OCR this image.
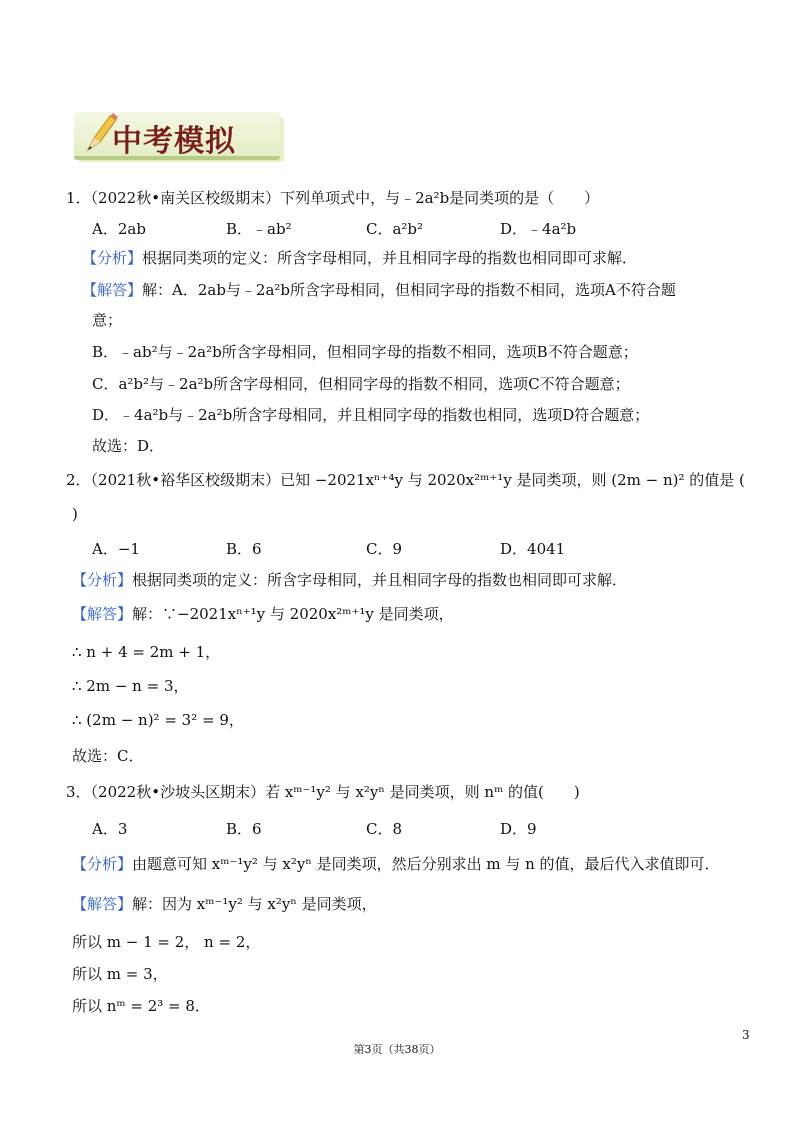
中考模拟
1．（2022秋•南关区校级期末）下列单项式中，与﹣2a²b是同类项的是（　　）
A．2ab	B．﹣ab²	C．a²b²	D．﹣4a²b
【分析】根据同类项的定义：所含字母相同，并且相同字母的指数也相同即可求解．
【解答】解：A．2ab与﹣2a²b所含字母相同，但相同字母的指数不相同，选项A不符合题
意；
B．﹣ab²与﹣2a²b所含字母相同，但相同字母的指数不相同，选项B不符合题意；
C．a²b²与﹣2a²b所含字母相同，但相同字母的指数不相同，选项C不符合题意；
D．﹣4a²b与﹣2a²b所含字母相同，并且相同字母的指数也相同，选项D符合题意；
故选：D．
2．（2021秋•裕华区校级期末）已知 −2021xⁿ⁺⁴y 与 2020x²ᵐ⁺¹y 是同类项，则 (2m − n)² 的值是 (
)
A．−1	B．6	C．9	D．4041
【分析】根据同类项的定义：所含字母相同，并且相同字母的指数也相同即可求解．
【解答】解：∵−2021xⁿ⁺¹y 与 2020x²ᵐ⁺¹y 是同类项，
∴ n + 4 = 2m + 1，
∴ 2m − n = 3，
∴ (2m − n)² = 3² = 9，
故选：C．
3．（2022秋•沙坡头区期末）若 xᵐ⁻¹y² 与 x²yⁿ 是同类项，则 nᵐ 的值(　　)
A．3	B．6	C．8	D．9
【分析】由题意可知 xᵐ⁻¹y² 与 x²yⁿ 是同类项，然后分别求出 m 与 n 的值，最后代入求值即可．
【解答】解：因为 xᵐ⁻¹y² 与 x²yⁿ 是同类项，
所以 m − 1 = 2， n = 2，
所以 m = 3，
所以 nᵐ = 2³ = 8．
3
第3页（共38页）
